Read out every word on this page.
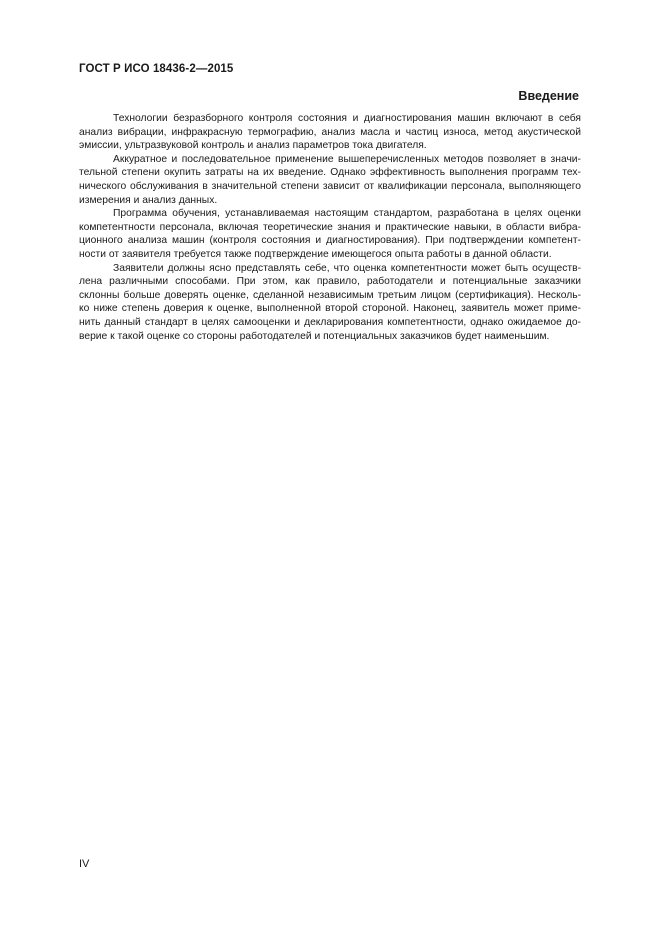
ГОСТ Р ИСО 18436-2—2015
Введение

Технологии безразборного контроля состояния и диагностирования машин включают в себя
анализ вибрации, инфракрасную термографию, анализ масла и частиц износа, метод акустической
эмиссии, ультразвуковой контроль и анализ параметров тока двигателя.

Аккуратное и последовательное применение вышеперечисленных методов позволяет в значи-
тельной степени окупить затраты на их введение. Однако эффективность выполнения программ тех-
нического обслуживания в значительной степени зависит от квалификации персонала, выполняющего
измерения и анализ данных.

Программа обучения, устанавливаемая настоящим стандартом, разработана в целях оценки
компетентности персонала, включая теоретические знания и практические навыки, в области вибра-
ционного анализа машин (контроля состояния и диагностирования). При подтверждении компетент-
ности от заявителя требуется также подтверждение имеющегося опыта работы в данной области.

Заявители должны ясно представлять себе, что оценка компетентности может быть осуществ-
лена различными способами. При этом, как правило, работодатели и потенциальные заказчики
склонны больше доверять оценке, сделанной независимым третьим лицом (сертификация). Несколь-
ко ниже степень доверия к оценке, выполненной второй стороной. Наконец, заявитель может приме-
нить данный стандарт в целях самооценки и декларирования компетентности, однако ожидаемое до-
верие к такой оценке со стороны работодателей и потенциальных заказчиков будет наименьшим.

IV
